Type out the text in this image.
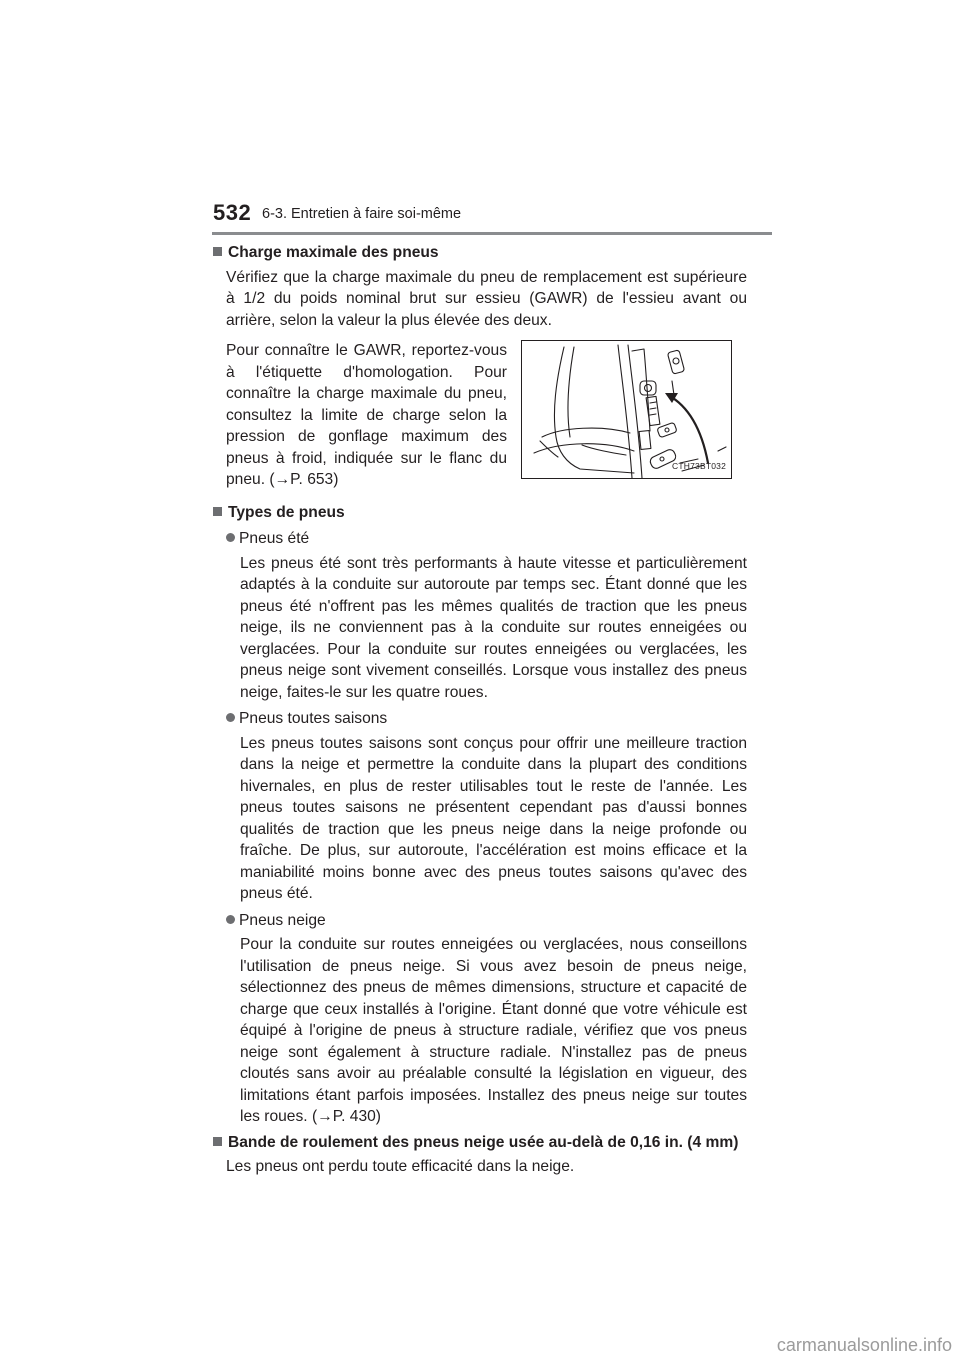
532 6-3. Entretien à faire soi-même

Charge maximale des pneus

Vérifiez que la charge maximale du pneu de remplacement est supérieure à 1/2 du poids nominal brut sur essieu (GAWR) de l'essieu avant ou arrière, selon la valeur la plus élevée des deux.

Pour connaître le GAWR, reportez-vous à l'étiquette d'homologation. Pour connaître la charge maximale du pneu, consultez la limite de charge selon la pression de gonflage maximum des pneus à froid, indiquée sur le flanc du pneu. (→P. 653)
CTH73BT032

Types de pneus

Pneus été

Les pneus été sont très performants à haute vitesse et particulièrement adaptés à la conduite sur autoroute par temps sec. Étant donné que les pneus été n'offrent pas les mêmes qualités de traction que les pneus neige, ils ne conviennent pas à la conduite sur routes enneigées ou verglacées. Pour la conduite sur routes enneigées ou verglacées, les pneus neige sont vivement conseillés. Lorsque vous installez des pneus neige, faites-le sur les quatre roues.

Pneus toutes saisons

Les pneus toutes saisons sont conçus pour offrir une meilleure traction dans la neige et permettre la conduite dans la plupart des conditions hivernales, en plus de rester utilisables tout le reste de l'année. Les pneus toutes saisons ne présentent cependant pas d'aussi bonnes qualités de traction que les pneus neige dans la neige profonde ou fraîche. De plus, sur autoroute, l'accélération est moins efficace et la maniabilité moins bonne avec des pneus toutes saisons qu'avec des pneus été.

Pneus neige

Pour la conduite sur routes enneigées ou verglacées, nous conseillons l'utilisation de pneus neige. Si vous avez besoin de pneus neige, sélectionnez des pneus de mêmes dimensions, structure et capacité de charge que ceux installés à l'origine. Étant donné que votre véhicule est équipé à l'origine de pneus à structure radiale, vérifiez que vos pneus neige sont également à structure radiale. N'installez pas de pneus cloutés sans avoir au préalable consulté la législation en vigueur, des limitations étant parfois imposées. Installez des pneus neige sur toutes les roues. (→P. 430)

Bande de roulement des pneus neige usée au-delà de 0,16 in. (4 mm)

Les pneus ont perdu toute efficacité dans la neige.

carmanualsonline.info
